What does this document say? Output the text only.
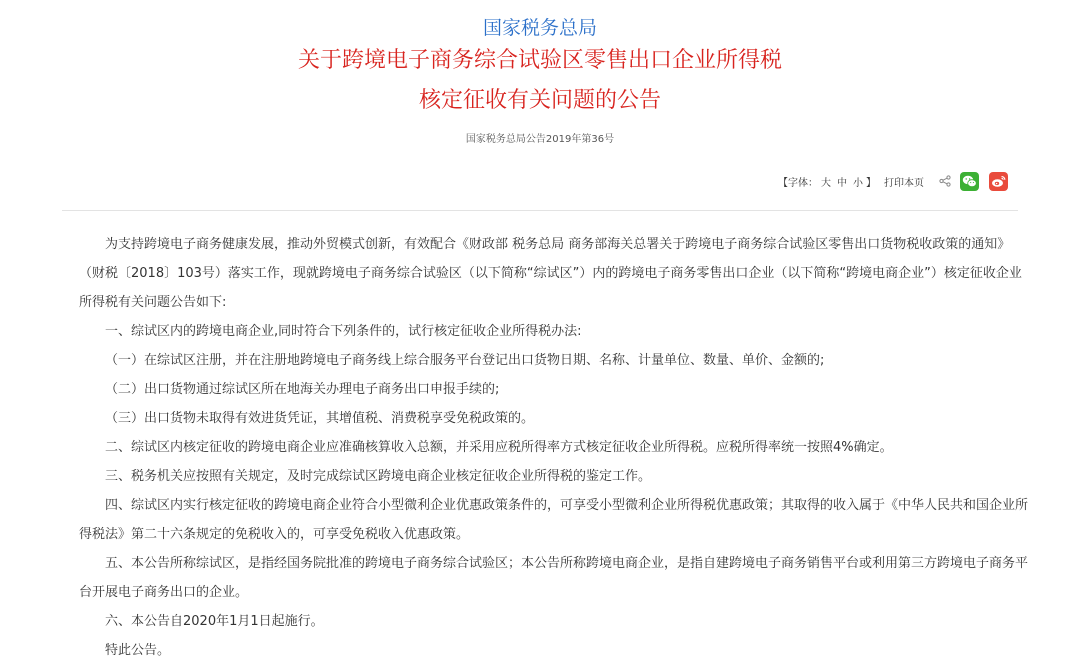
国家税务总局
关于跨境电子商务综合试验区零售出口企业所得税
核定征收有关问题的公告
国家税务总局公告2019年第36号
【字体： 大 中 小 】 打印本页

为支持跨境电子商务健康发展，推动外贸模式创新，有效配合《财政部 税务总局 商务部海关总署关于跨境电子商务综合试验区零售出口货物税收政策的通知》（财税〔2018〕103号）落实工作，现就跨境电子商务综合试验区（以下简称“综试区”）内的跨境电子商务零售出口企业（以下简称“跨境电商企业”）核定征收企业所得税有关问题公告如下:

一、综试区内的跨境电商企业,同时符合下列条件的，试行核定征收企业所得税办法:

（一）在综试区注册，并在注册地跨境电子商务线上综合服务平台登记出口货物日期、名称、计量单位、数量、单价、金额的;

（二）出口货物通过综试区所在地海关办理电子商务出口申报手续的;

（三）出口货物未取得有效进货凭证，其增值税、消费税享受免税政策的。

二、综试区内核定征收的跨境电商企业应准确核算收入总额，并采用应税所得率方式核定征收企业所得税。应税所得率统一按照4%确定。

三、税务机关应按照有关规定，及时完成综试区跨境电商企业核定征收企业所得税的鉴定工作。

四、综试区内实行核定征收的跨境电商企业符合小型微利企业优惠政策条件的，可享受小型微利企业所得税优惠政策；其取得的收入属于《中华人民共和国企业所得税法》第二十六条规定的免税收入的，可享受免税收入优惠政策。

五、本公告所称综试区，是指经国务院批准的跨境电子商务综合试验区；本公告所称跨境电商企业，是指自建跨境电子商务销售平台或利用第三方跨境电子商务平台开展电子商务出口的企业。

六、本公告自2020年1月1日起施行。

特此公告。
